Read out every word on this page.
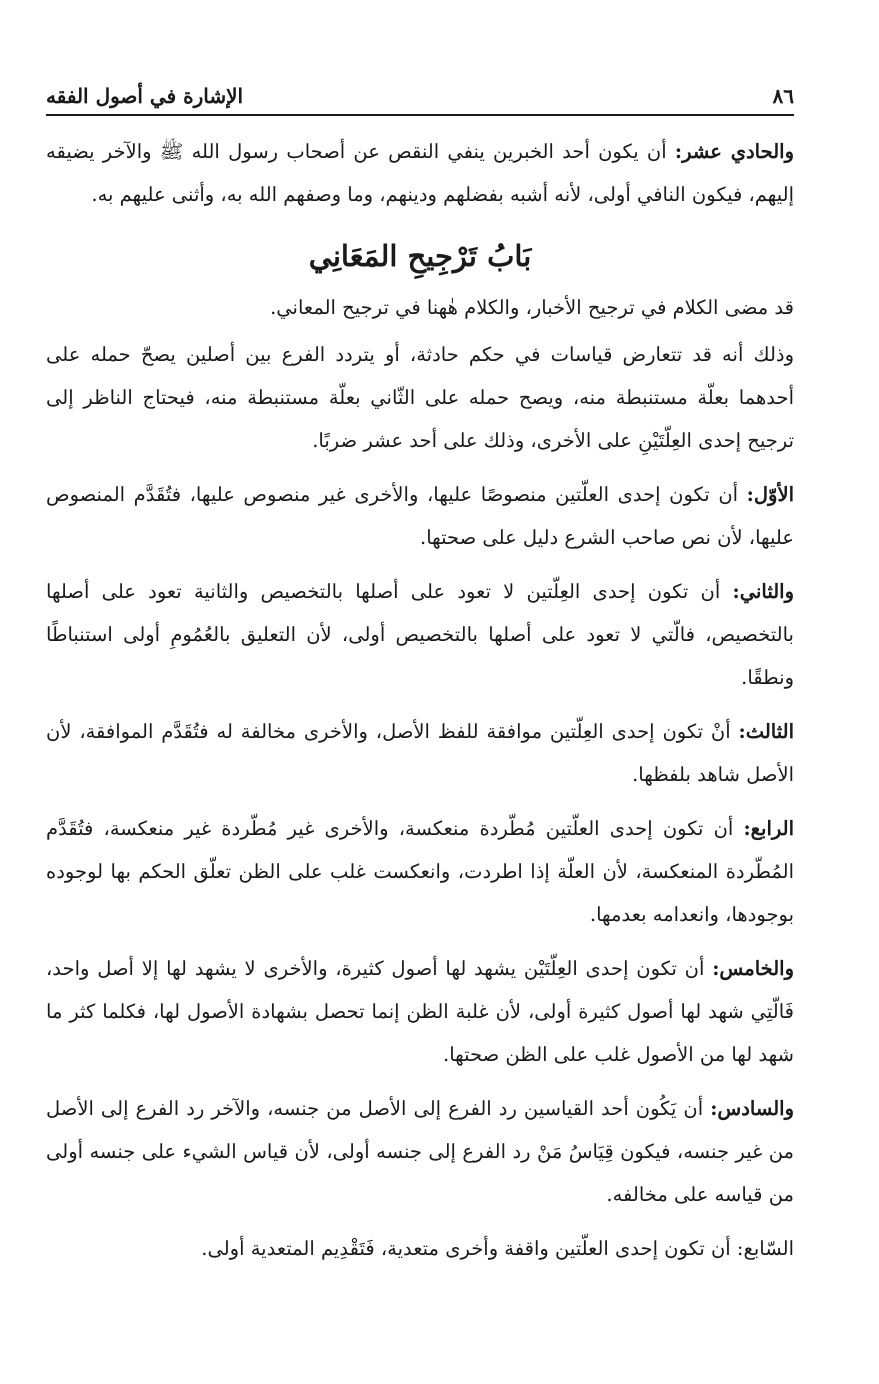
٨٦
الإشارة في أصول الفقه

والحادي عشر: أن يكون أحد الخبرين ينفي النقص عن أصحاب رسول الله ﷺ والآخر يضيقه إليهم، فيكون النافي أولى، لأنه أشبه بفضلهم ودينهم، وما وصفهم الله به، وأثنى عليهم به.

بَابُ تَرْجِيحِ المَعَانِي

قد مضى الكلام في ترجيح الأخبار، والكلام هٰهنا في ترجيح المعاني.

وذلك أنه قد تتعارض قياسات في حكم حادثة، أو يتردد الفرع بين أصلين يصحّ حمله على أحدهما بعلّة مستنبطة منه، ويصح حمله على الثّاني بعلّة مستنبطة منه، فيحتاج الناظر إلى ترجيح إحدى العِلّتَيْنِ على الأخرى، وذلك على أحد عشر ضربًا.

الأوّل: أن تكون إحدى العلّتين منصوصًا عليها، والأخرى غير منصوص عليها، فتُقَدَّم المنصوص عليها، لأن نص صاحب الشرع دليل على صحتها.

والثاني: أن تكون إحدى العِلّتين لا تعود على أصلها بالتخصيص والثانية تعود على أصلها بالتخصيص، فالّتي لا تعود على أصلها بالتخصيص أولى، لأن التعليق بالعُمُومِ أولى استنباطًا ونطقًا.

الثالث: أنْ تكون إحدى العِلّتين موافقة للفظ الأصل، والأخرى مخالفة له فتُقَدَّم الموافقة، لأن الأصل شاهد بلفظها.

الرابع: أن تكون إحدى العلّتين مُطّردة منعكسة، والأخرى غير مُطّردة غير منعكسة، فتُقَدَّم المُطّردة المنعكسة، لأن العلّة إذا اطردت، وانعكست غلب على الظن تعلّق الحكم بها لوجوده بوجودها، وانعدامه بعدمها.

والخامس: أن تكون إحدى العِلّتَيْن يشهد لها أصول كثيرة، والأخرى لا يشهد لها إلا أصل واحد، فَالّتِي شهد لها أصول كثيرة أولى، لأن غلبة الظن إنما تحصل بشهادة الأصول لها، فكلما كثر ما شهد لها من الأصول غلب على الظن صحتها.

والسادس: أن يَكُون أحد القياسين رد الفرع إلى الأصل من جنسه، والآخر رد الفرع إلى الأصل من غير جنسه، فيكون قِيَاسُ مَنْ رد الفرع إلى جنسه أولى، لأن قياس الشيء على جنسه أولى من قياسه على مخالفه.

السّابع: أن تكون إحدى العلّتين واقفة وأخرى متعدية، فَتَقْدِيم المتعدية أولى.
